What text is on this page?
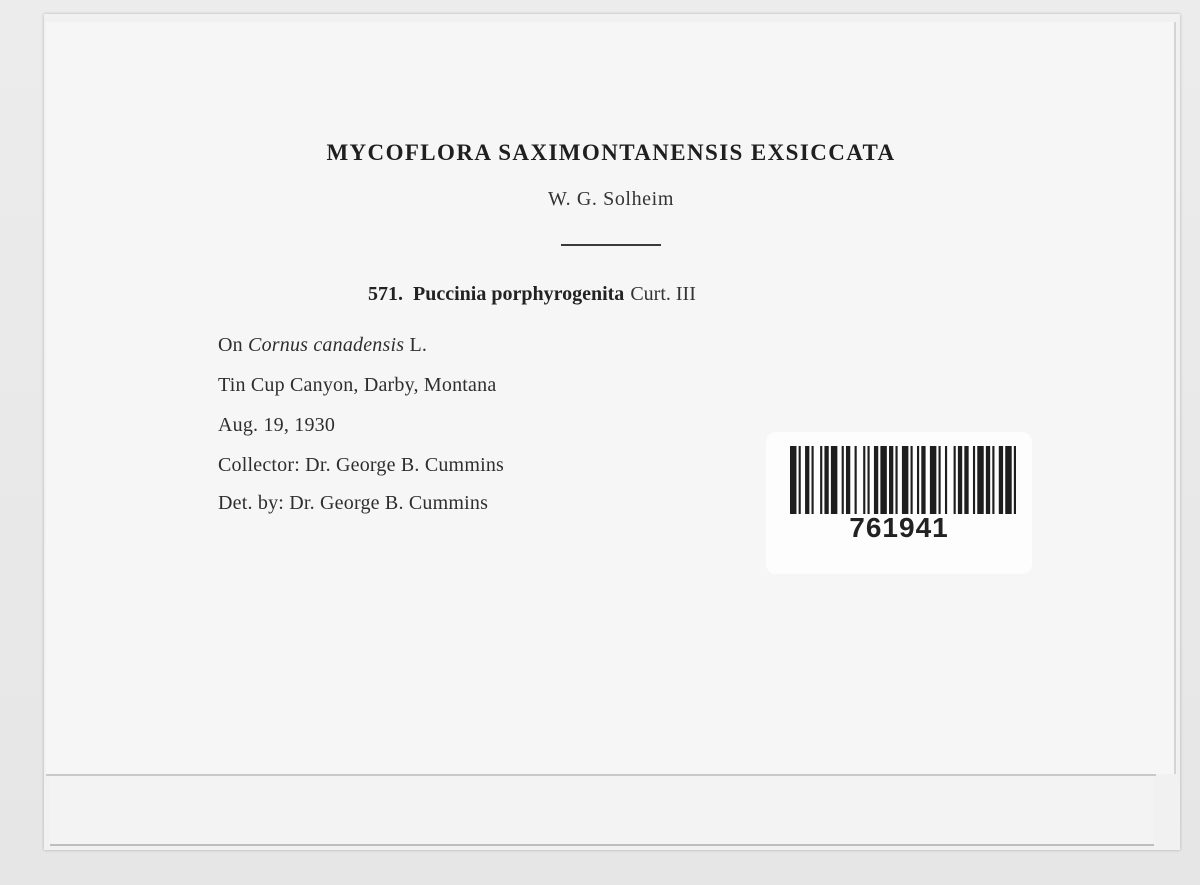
MYCOFLORA SAXIMONTANENSIS EXSICCATA
W. G. Solheim
571. Puccinia porphyrogenita Curt. III
On Cornus canadensis L.
Tin Cup Canyon, Darby, Montana
Aug. 19, 1930
Collector: Dr. George B. Cummins
Det. by: Dr. George B. Cummins
761941
